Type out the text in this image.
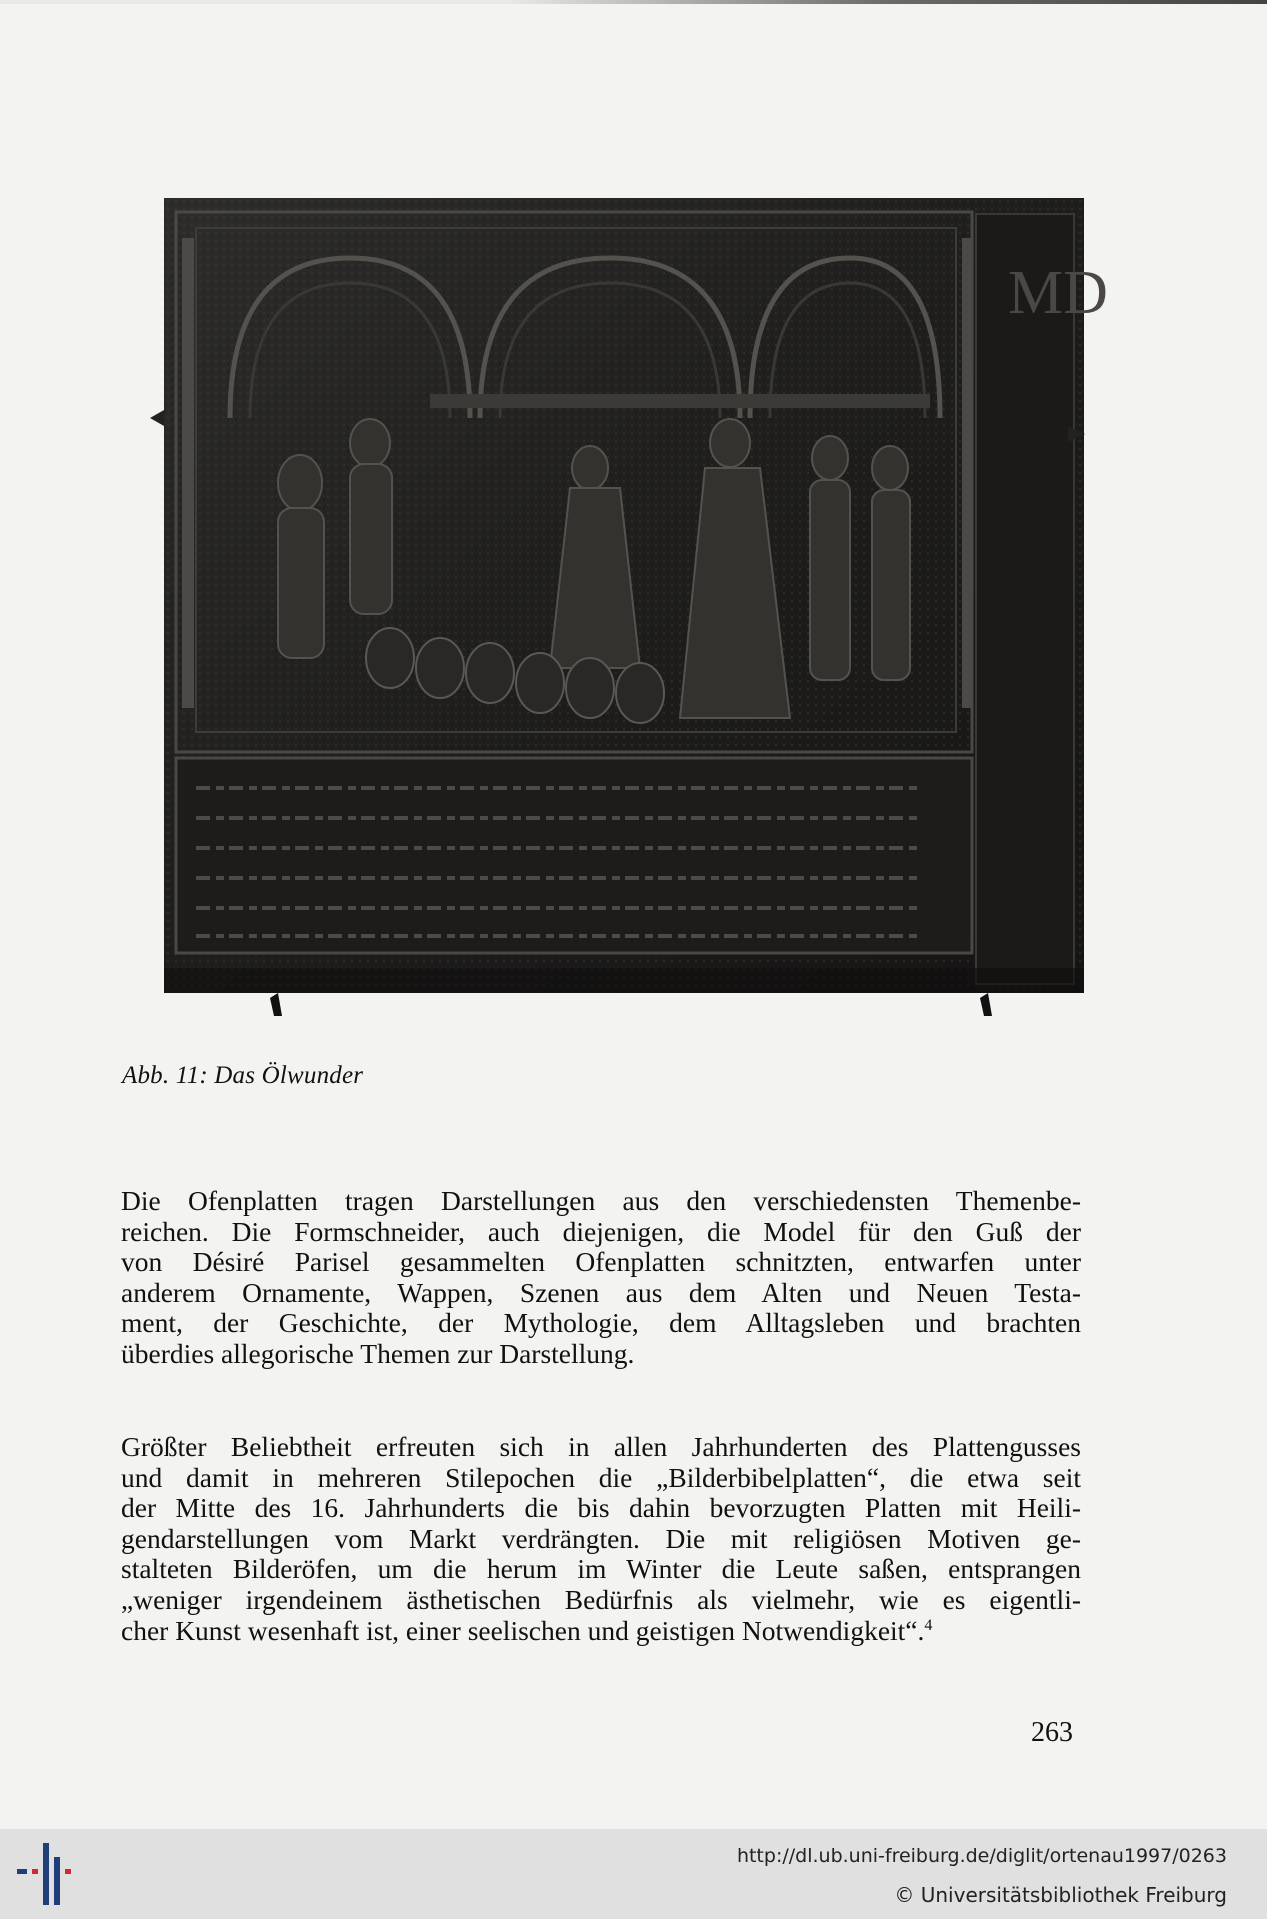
MD
Abb. 11: Das Ölwunder
Die Ofenplatten tragen Darstellungen aus den verschiedensten Themenbe-
reichen. Die Formschneider, auch diejenigen, die Model für den Guß der
von Désiré Parisel gesammelten Ofenplatten schnitzten, entwarfen unter
anderem Ornamente, Wappen, Szenen aus dem Alten und Neuen Testa-
ment, der Geschichte, der Mythologie, dem Alltagsleben und brachten
überdies allegorische Themen zur Darstellung.
Größter Beliebtheit erfreuten sich in allen Jahrhunderten des Plattengusses
und damit in mehreren Stilepochen die „Bilderbibelplatten“, die etwa seit
der Mitte des 16. Jahrhunderts die bis dahin bevorzugten Platten mit Heili-
gendarstellungen vom Markt verdrängten. Die mit religiösen Motiven ge-
stalteten Bilderöfen, um die herum im Winter die Leute saßen, entsprangen
„weniger irgendeinem ästhetischen Bedürfnis als vielmehr, wie es eigentli-
cher Kunst wesenhaft ist, einer seelischen und geistigen Notwendigkeit“.$^4$
263
http://dl.ub.uni-freiburg.de/diglit/ortenau1997/0263
© Universitätsbibliothek Freiburg
